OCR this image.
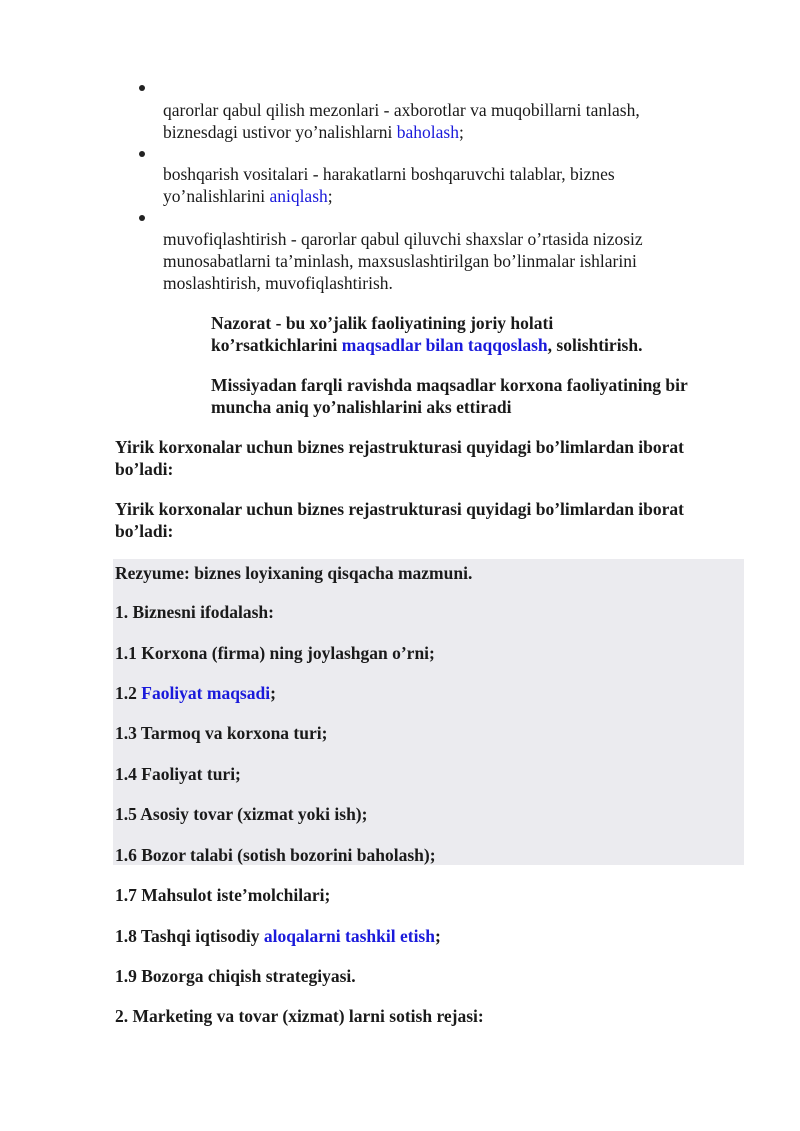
qarorlar qabul qilish mezonlari - axborotlar va muqobillarni tanlash,
biznesdagi ustivor yo’nalishlarni baholash;
boshqarish vositalari - harakatlarni boshqaruvchi talablar, biznes
yo’nalishlarini aniqlash;
muvofiqlashtirish - qarorlar qabul qiluvchi shaxslar o’rtasida nizosiz
munosabatlarni ta’minlash, maxsuslashtirilgan bo’linmalar ishlarini
moslashtirish, muvofiqlashtirish.
Nazorat - bu xo’jalik faoliyatining joriy holati
ko’rsatkichlarini maqsadlar bilan taqqoslash, solishtirish.
Missiyadan farqli ravishda maqsadlar korxona faoliyatining bir
muncha aniq yo’nalishlarini aks ettiradi
Yirik korxonalar uchun biznes rejastrukturasi quyidagi bo’limlardan iborat
bo’ladi:
Yirik korxonalar uchun biznes rejastrukturasi quyidagi bo’limlardan iborat
bo’ladi:
Rezyume: biznes loyixaning qisqacha mazmuni.
1. Biznesni ifodalash:
1.1 Korxona (firma) ning joylashgan o’rni;
1.2 Faoliyat maqsadi;
1.3 Tarmoq va korxona turi;
1.4 Faoliyat turi;
1.5 Asosiy tovar (xizmat yoki ish);
1.6 Bozor talabi (sotish bozorini baholash);
1.7 Mahsulot iste’molchilari;
1.8 Tashqi iqtisodiy aloqalarni tashkil etish;
1.9 Bozorga chiqish strategiyasi.
2. Marketing va tovar (xizmat) larni sotish rejasi:
